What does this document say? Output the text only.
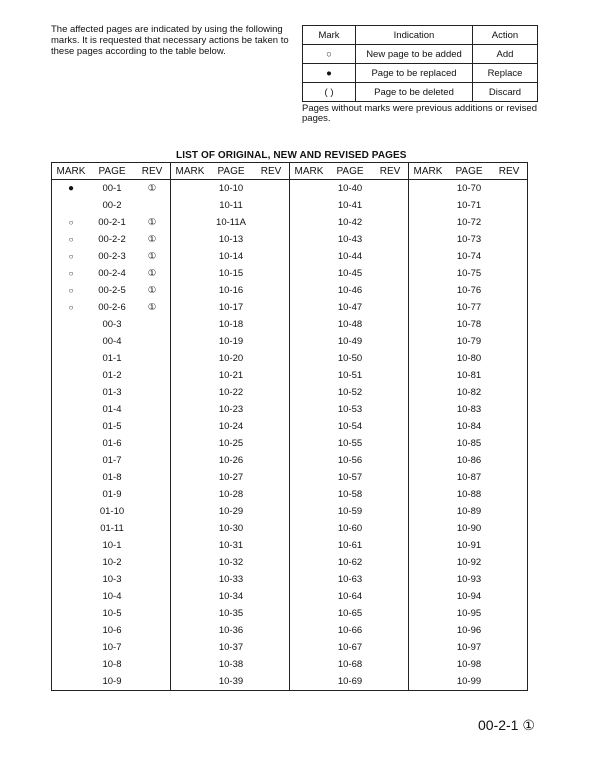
The affected pages are indicated by using the following marks. It is requested that necessary actions be taken to these pages according to the table below.
Mark	Indication	Action
○	New page to be added	Add
●	Page to be replaced	Replace
( )	Page to be deleted	Discard
Pages without marks were previous additions or revised pages.
LIST OF ORIGINAL, NEW AND REVISED PAGES
MARK	PAGE	REV	MARK	PAGE	REV	MARK	PAGE	REV	MARK	PAGE	REV
●	00-1	①		10-10			10-40			10-70	
	00-2			10-11			10-41			10-71	
○	00-2-1	①		10-11A			10-42			10-72	
○	00-2-2	①		10-13			10-43			10-73	
○	00-2-3	①		10-14			10-44			10-74	
○	00-2-4	①		10-15			10-45			10-75	
○	00-2-5	①		10-16			10-46			10-76	
○	00-2-6	①		10-17			10-47			10-77	
	00-3			10-18			10-48			10-78	
	00-4			10-19			10-49			10-79	
	01-1			10-20			10-50			10-80	
	01-2			10-21			10-51			10-81	
	01-3			10-22			10-52			10-82	
	01-4			10-23			10-53			10-83	
	01-5			10-24			10-54			10-84	
	01-6			10-25			10-55			10-85	
	01-7			10-26			10-56			10-86	
	01-8			10-27			10-57			10-87	
	01-9			10-28			10-58			10-88	
	01-10			10-29			10-59			10-89	
	01-11			10-30			10-60			10-90	
	10-1			10-31			10-61			10-91	
	10-2			10-32			10-62			10-92	
	10-3			10-33			10-63			10-93	
	10-4			10-34			10-64			10-94	
	10-5			10-35			10-65			10-95	
	10-6			10-36			10-66			10-96	
	10-7			10-37			10-67			10-97	
	10-8			10-38			10-68			10-98	
	10-9			10-39			10-69			10-99	
00-2-1 ①
